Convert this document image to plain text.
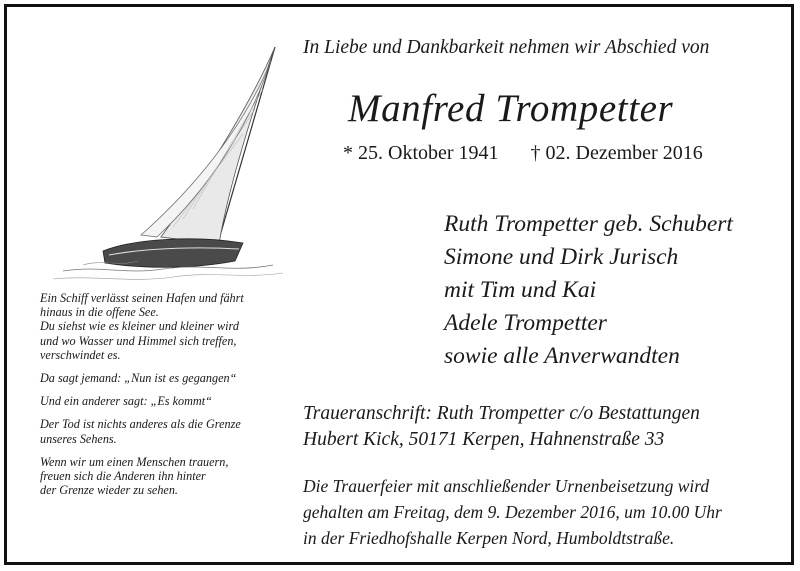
Ein Schiff verlässt seinen Hafen und fährt
hinaus in die offene See.
Du siehst wie es kleiner und kleiner wird
und wo Wasser und Himmel sich treffen,
verschwindet es.

Da sagt jemand: „Nun ist es gegangen“

Und ein anderer sagt: „Es kommt“

Der Tod ist nichts anderes als die Grenze
unseres Sehens.

Wenn wir um einen Menschen trauern,
freuen sich die Anderen ihn hinter
der Grenze wieder zu sehen.

In Liebe und Dankbarkeit nehmen wir Abschied von
Manfred Trompetter
* 25. Oktober 1941 † 02. Dezember 2016
Ruth Trompetter geb. Schubert
Simone und Dirk Jurisch
mit Tim und Kai
Adele Trompetter
sowie alle Anverwandten
Traueranschrift: Ruth Trompetter c/o Bestattungen
Hubert Kick, 50171 Kerpen, Hahnenstraße 33
Die Trauerfeier mit anschließender Urnenbeisetzung wird
gehalten am Freitag, dem 9. Dezember 2016, um 10.00 Uhr
in der Friedhofshalle Kerpen Nord, Humboldtstraße.
